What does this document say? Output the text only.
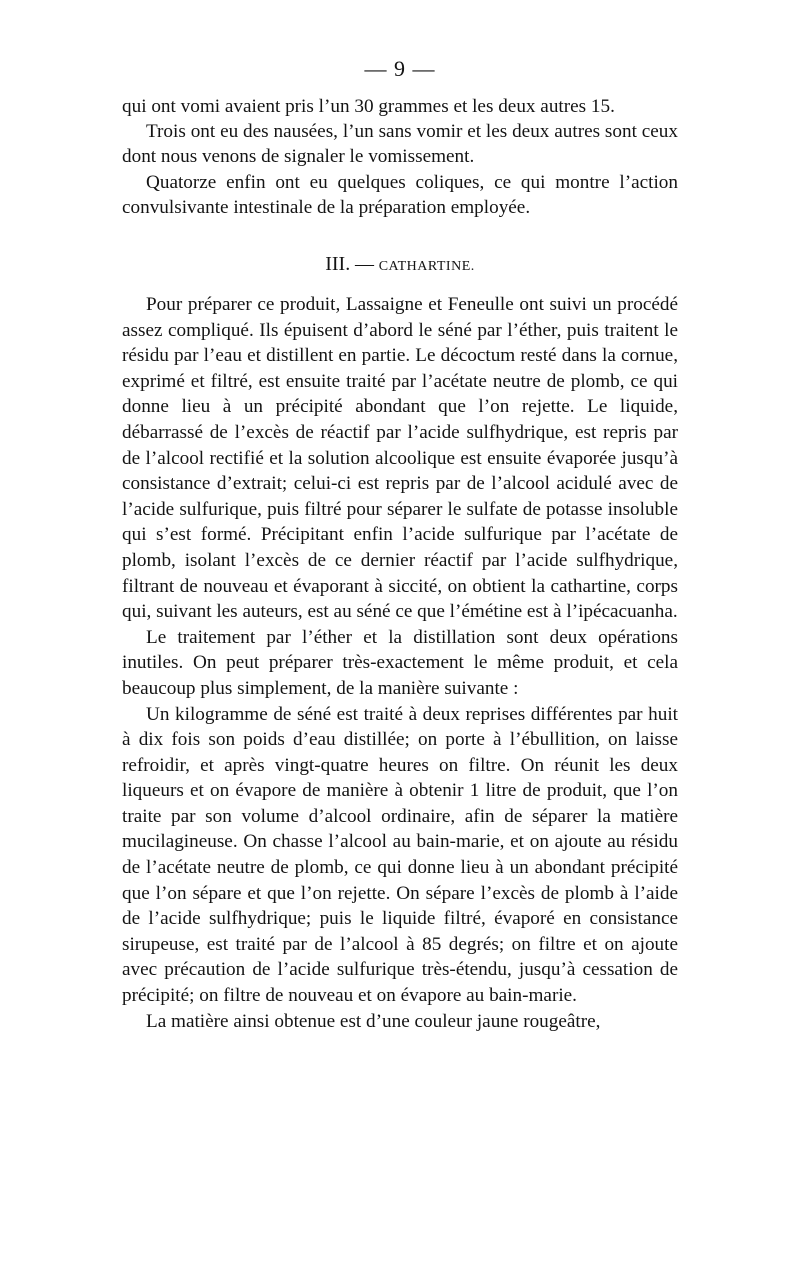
— 9 —

qui ont vomi avaient pris l’un 30 grammes et les deux autres 15.

Trois ont eu des nausées, l’un sans vomir et les deux autres sont ceux dont nous venons de signaler le vomissement.

Quatorze enfin ont eu quelques coliques, ce qui montre l’action convulsivante intestinale de la préparation employée.

III. — CATHARTINE.

Pour préparer ce produit, Lassaigne et Feneulle ont suivi un procédé assez compliqué. Ils épuisent d’abord le séné par l’éther, puis traitent le résidu par l’eau et distillent en partie. Le décoctum resté dans la cornue, exprimé et filtré, est ensuite traité par l’acétate neutre de plomb, ce qui donne lieu à un précipité abondant que l’on rejette. Le liquide, débarrassé de l’excès de réactif par l’acide sulfhydrique, est repris par de l’alcool rectifié et la solution alcoolique est ensuite évaporée jusqu’à consistance d’extrait; celui-ci est repris par de l’alcool acidulé avec de l’acide sulfurique, puis filtré pour séparer le sulfate de potasse insoluble qui s’est formé. Précipitant enfin l’acide sulfurique par l’acétate de plomb, isolant l’excès de ce dernier réactif par l’acide sulfhydrique, filtrant de nouveau et évaporant à siccité, on obtient la cathartine, corps qui, suivant les auteurs, est au séné ce que l’émétine est à l’ipécacuanha.

Le traitement par l’éther et la distillation sont deux opérations inutiles. On peut préparer très-exactement le même produit, et cela beaucoup plus simplement, de la manière suivante :

Un kilogramme de séné est traité à deux reprises différentes par huit à dix fois son poids d’eau distillée; on porte à l’ébullition, on laisse refroidir, et après vingt-quatre heures on filtre. On réunit les deux liqueurs et on évapore de manière à obtenir 1 litre de produit, que l’on traite par son volume d’alcool ordinaire, afin de séparer la matière mucilagineuse. On chasse l’alcool au bain-marie, et on ajoute au résidu de l’acétate neutre de plomb, ce qui donne lieu à un abondant précipité que l’on sépare et que l’on rejette. On sépare l’excès de plomb à l’aide de l’acide sulfhydrique; puis le liquide filtré, évaporé en consistance sirupeuse, est traité par de l’alcool à 85 degrés; on filtre et on ajoute avec précaution de l’acide sulfurique très-étendu, jusqu’à cessation de précipité; on filtre de nouveau et on évapore au bain-marie.

La matière ainsi obtenue est d’une couleur jaune rougeâtre,
